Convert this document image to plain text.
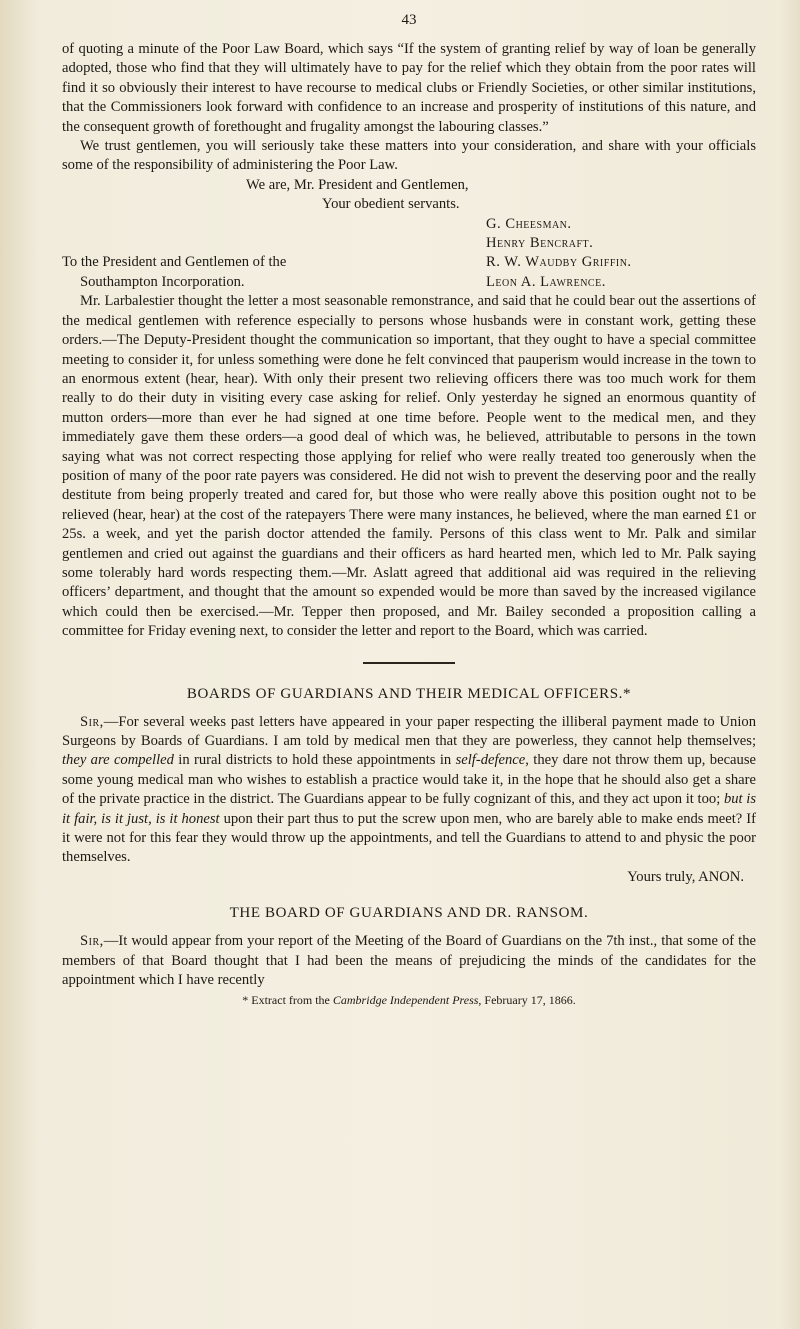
43

of quoting a minute of the Poor Law Board, which says “If the system of granting relief by way of loan be generally adopted, those who find that they will ultimately have to pay for the relief which they obtain from the poor rates will find it so obviously their interest to have recourse to medical clubs or Friendly Societies, or other similar institutions, that the Commissioners look forward with confidence to an increase and prosperity of institutions of this nature, and the consequent growth of forethought and frugality amongst the labouring classes.”

We trust gentlemen, you will seriously take these matters into your consideration, and share with your officials some of the responsibility of administering the Poor Law.

We are, Mr. President and Gentlemen,
Your obedient servants.
G. Cheesman.
Henry Bencraft.
To the President and Gentlemen of the	R. W. Waudby Griffin.
Southampton Incorporation.	Leon A. Lawrence.

Mr. Larbalestier thought the letter a most seasonable remonstrance, and said that he could bear out the assertions of the medical gentlemen with reference especially to persons whose husbands were in constant work, getting these orders.—The Deputy-President thought the communication so important, that they ought to have a special committee meeting to consider it, for unless something were done he felt convinced that pauperism would increase in the town to an enormous extent (hear, hear). With only their present two relieving officers there was too much work for them really to do their duty in visiting every case asking for relief. Only yesterday he signed an enormous quantity of mutton orders—more than ever he had signed at one time before. People went to the medical men, and they immediately gave them these orders—a good deal of which was, he believed, attributable to persons in the town saying what was not correct respecting those applying for relief who were really treated too generously when the position of many of the poor rate payers was considered. He did not wish to prevent the deserving poor and the really destitute from being properly treated and cared for, but those who were really above this position ought not to be relieved (hear, hear) at the cost of the ratepayers There were many instances, he believed, where the man earned £1 or 25s. a week, and yet the parish doctor attended the family. Persons of this class went to Mr. Palk and similar gentlemen and cried out against the guardians and their officers as hard hearted men, which led to Mr. Palk saying some tolerably hard words respecting them.—Mr. Aslatt agreed that additional aid was required in the relieving officers’ department, and thought that the amount so expended would be more than saved by the increased vigilance which could then be exercised.—Mr. Tepper then proposed, and Mr. Bailey seconded a proposition calling a committee for Friday evening next, to consider the letter and report to the Board, which was carried.

BOARDS OF GUARDIANS AND THEIR MEDICAL OFFICERS.*

Sir,—For several weeks past letters have appeared in your paper respecting the illiberal payment made to Union Surgeons by Boards of Guardians. I am told by medical men that they are powerless, they cannot help themselves; they are compelled in rural districts to hold these appointments in self-defence, they dare not throw them up, because some young medical man who wishes to establish a practice would take it, in the hope that he should also get a share of the private practice in the district. The Guardians appear to be fully cognizant of this, and they act upon it too; but is it fair, is it just, is it honest upon their part thus to put the screw upon men, who are barely able to make ends meet? If it were not for this fear they would throw up the appointments, and tell the Guardians to attend to and physic the poor themselves.

Yours truly, ANON.

THE BOARD OF GUARDIANS AND DR. RANSOM.

Sir,—It would appear from your report of the Meeting of the Board of Guardians on the 7th inst., that some of the members of that Board thought that I had been the means of prejudicing the minds of the candidates for the appointment which I have recently

* Extract from the Cambridge Independent Press, February 17, 1866.
